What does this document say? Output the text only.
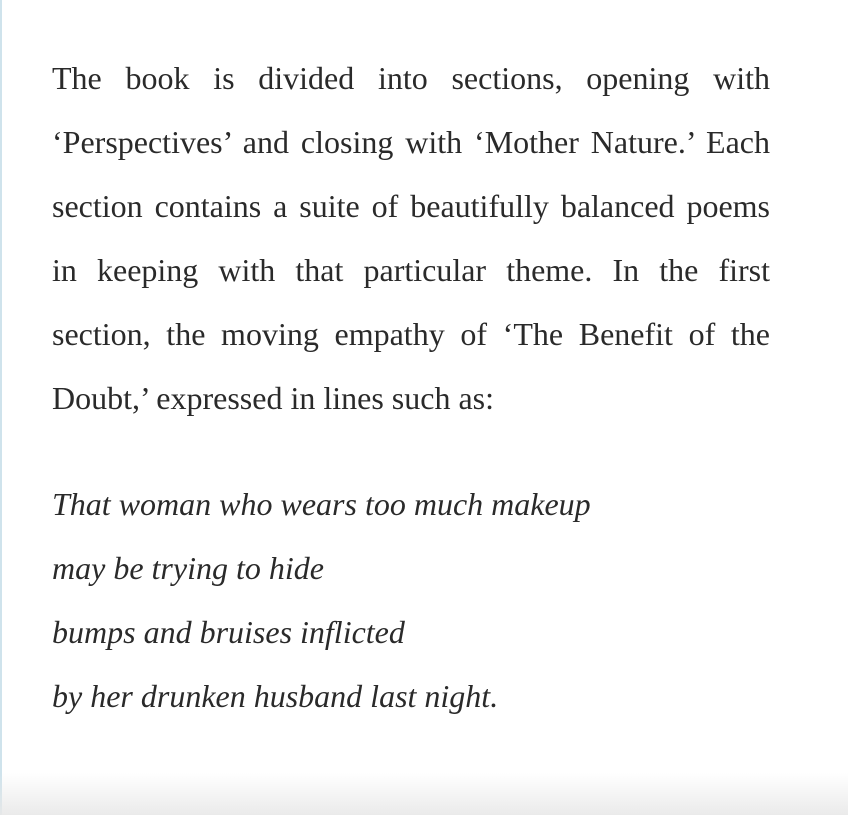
The book is divided into sections, opening with ‘Perspectives’ and closing with ‘Mother Nature.’ Each section contains a suite of beautifully balanced poems in keeping with that particular theme. In the first section, the moving empathy of ‘The Benefit of the Doubt,’ expressed in lines such as:

That woman who wears too much makeup
may be trying to hide
bumps and bruises inflicted
by her drunken husband last night.
